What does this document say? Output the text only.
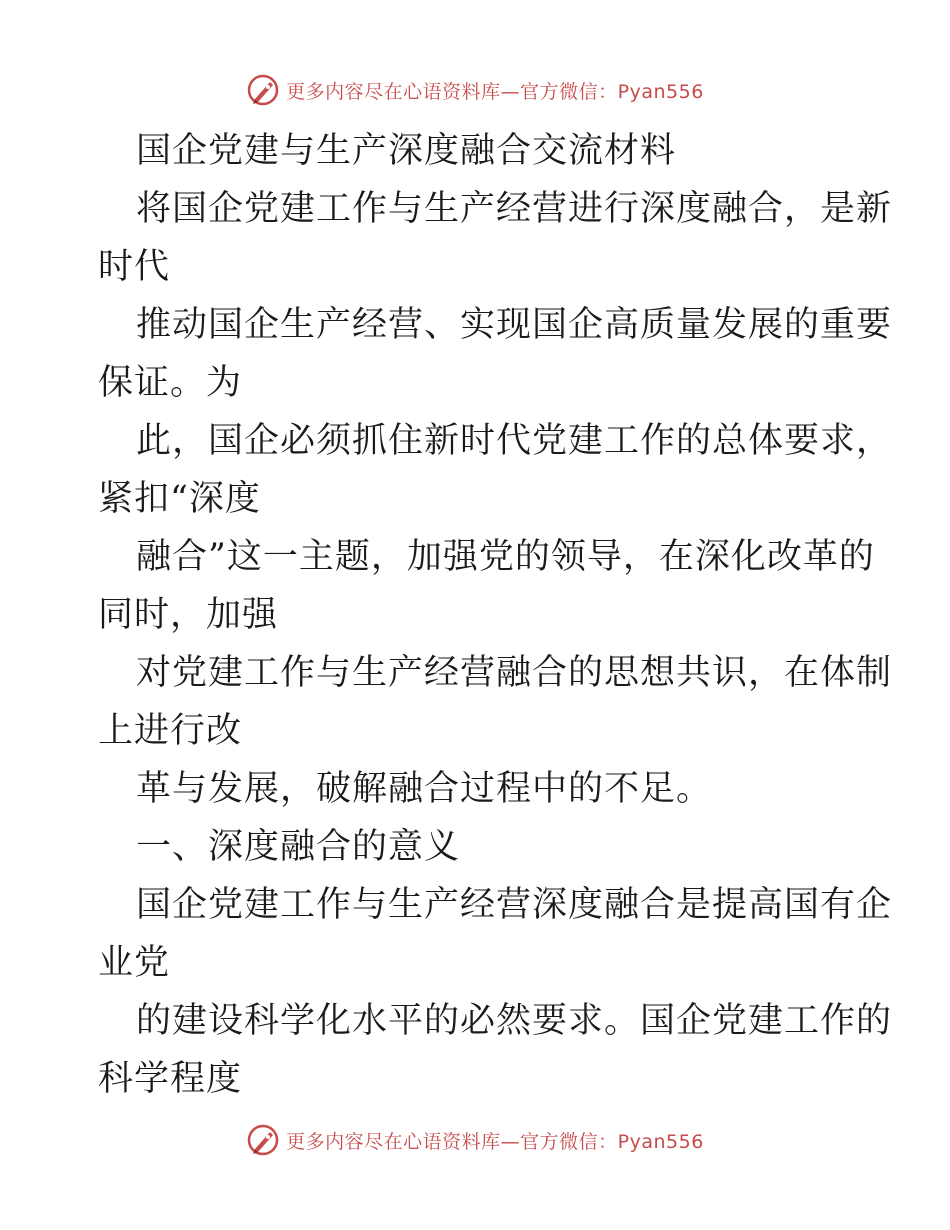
更多内容尽在心语资料库—官方微信：Pyan556
国企党建与生产深度融合交流材料
将国企党建工作与生产经营进行深度融合，是新
时代
推动国企生产经营、实现国企高质量发展的重要
保证。为
此，国企必须抓住新时代党建工作的总体要求，
紧扣“深度
融合”这一主题，加强党的领导，在深化改革的
同时，加强
对党建工作与生产经营融合的思想共识，在体制
上进行改
革与发展，破解融合过程中的不足。
一、深度融合的意义
国企党建工作与生产经营深度融合是提高国有企
业党
的建设科学化水平的必然要求。国企党建工作的
科学程度
更多内容尽在心语资料库—官方微信：Pyan556
